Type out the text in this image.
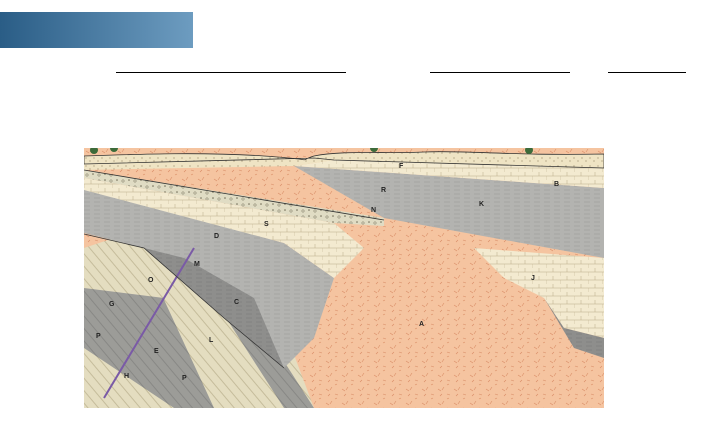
A
B
C
D
E
F
G
H
J
K
L
M
N
O
P
P
R
S
